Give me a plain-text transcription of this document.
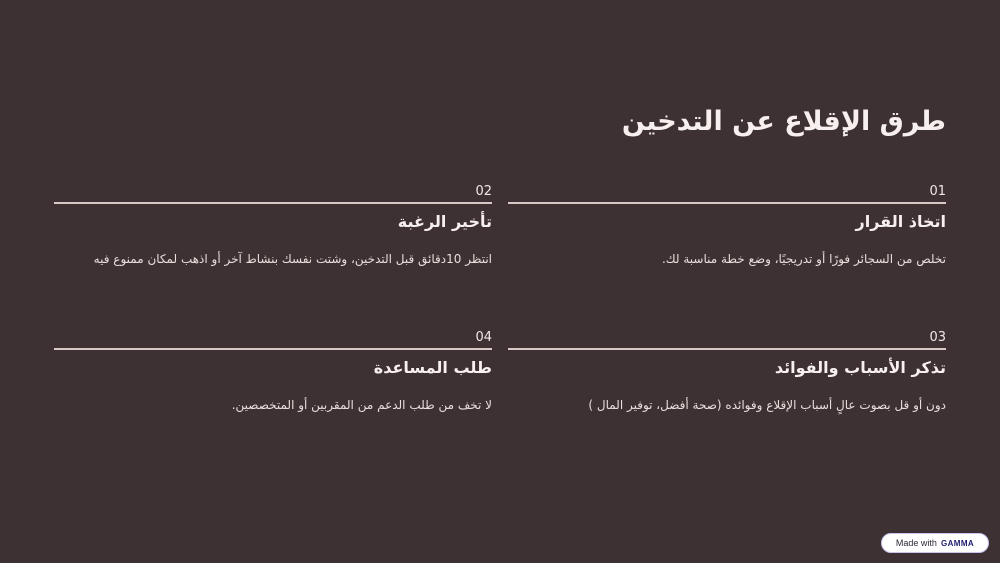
طرق الإقلاع عن التدخين
01
اتخاذ القرار

تخلص من السجائر فورًا أو تدريجيًا، وضع خطة مناسبة لك.

02
تأخير الرغبة

انتظر 10دقائق قبل التدخين، وشتت نفسك بنشاط آخر أو اذهب لمكان ممنوع فيه

03
تذكر الأسباب والفوائد

دون أو قل بصوت عالٍ أسباب الإقلاع وفوائده (صحة أفضل، توفير المال )

04
طلب المساعدة

لا تخف من طلب الدعم من المقربين أو المتخصصين.

Made with GAMMA
